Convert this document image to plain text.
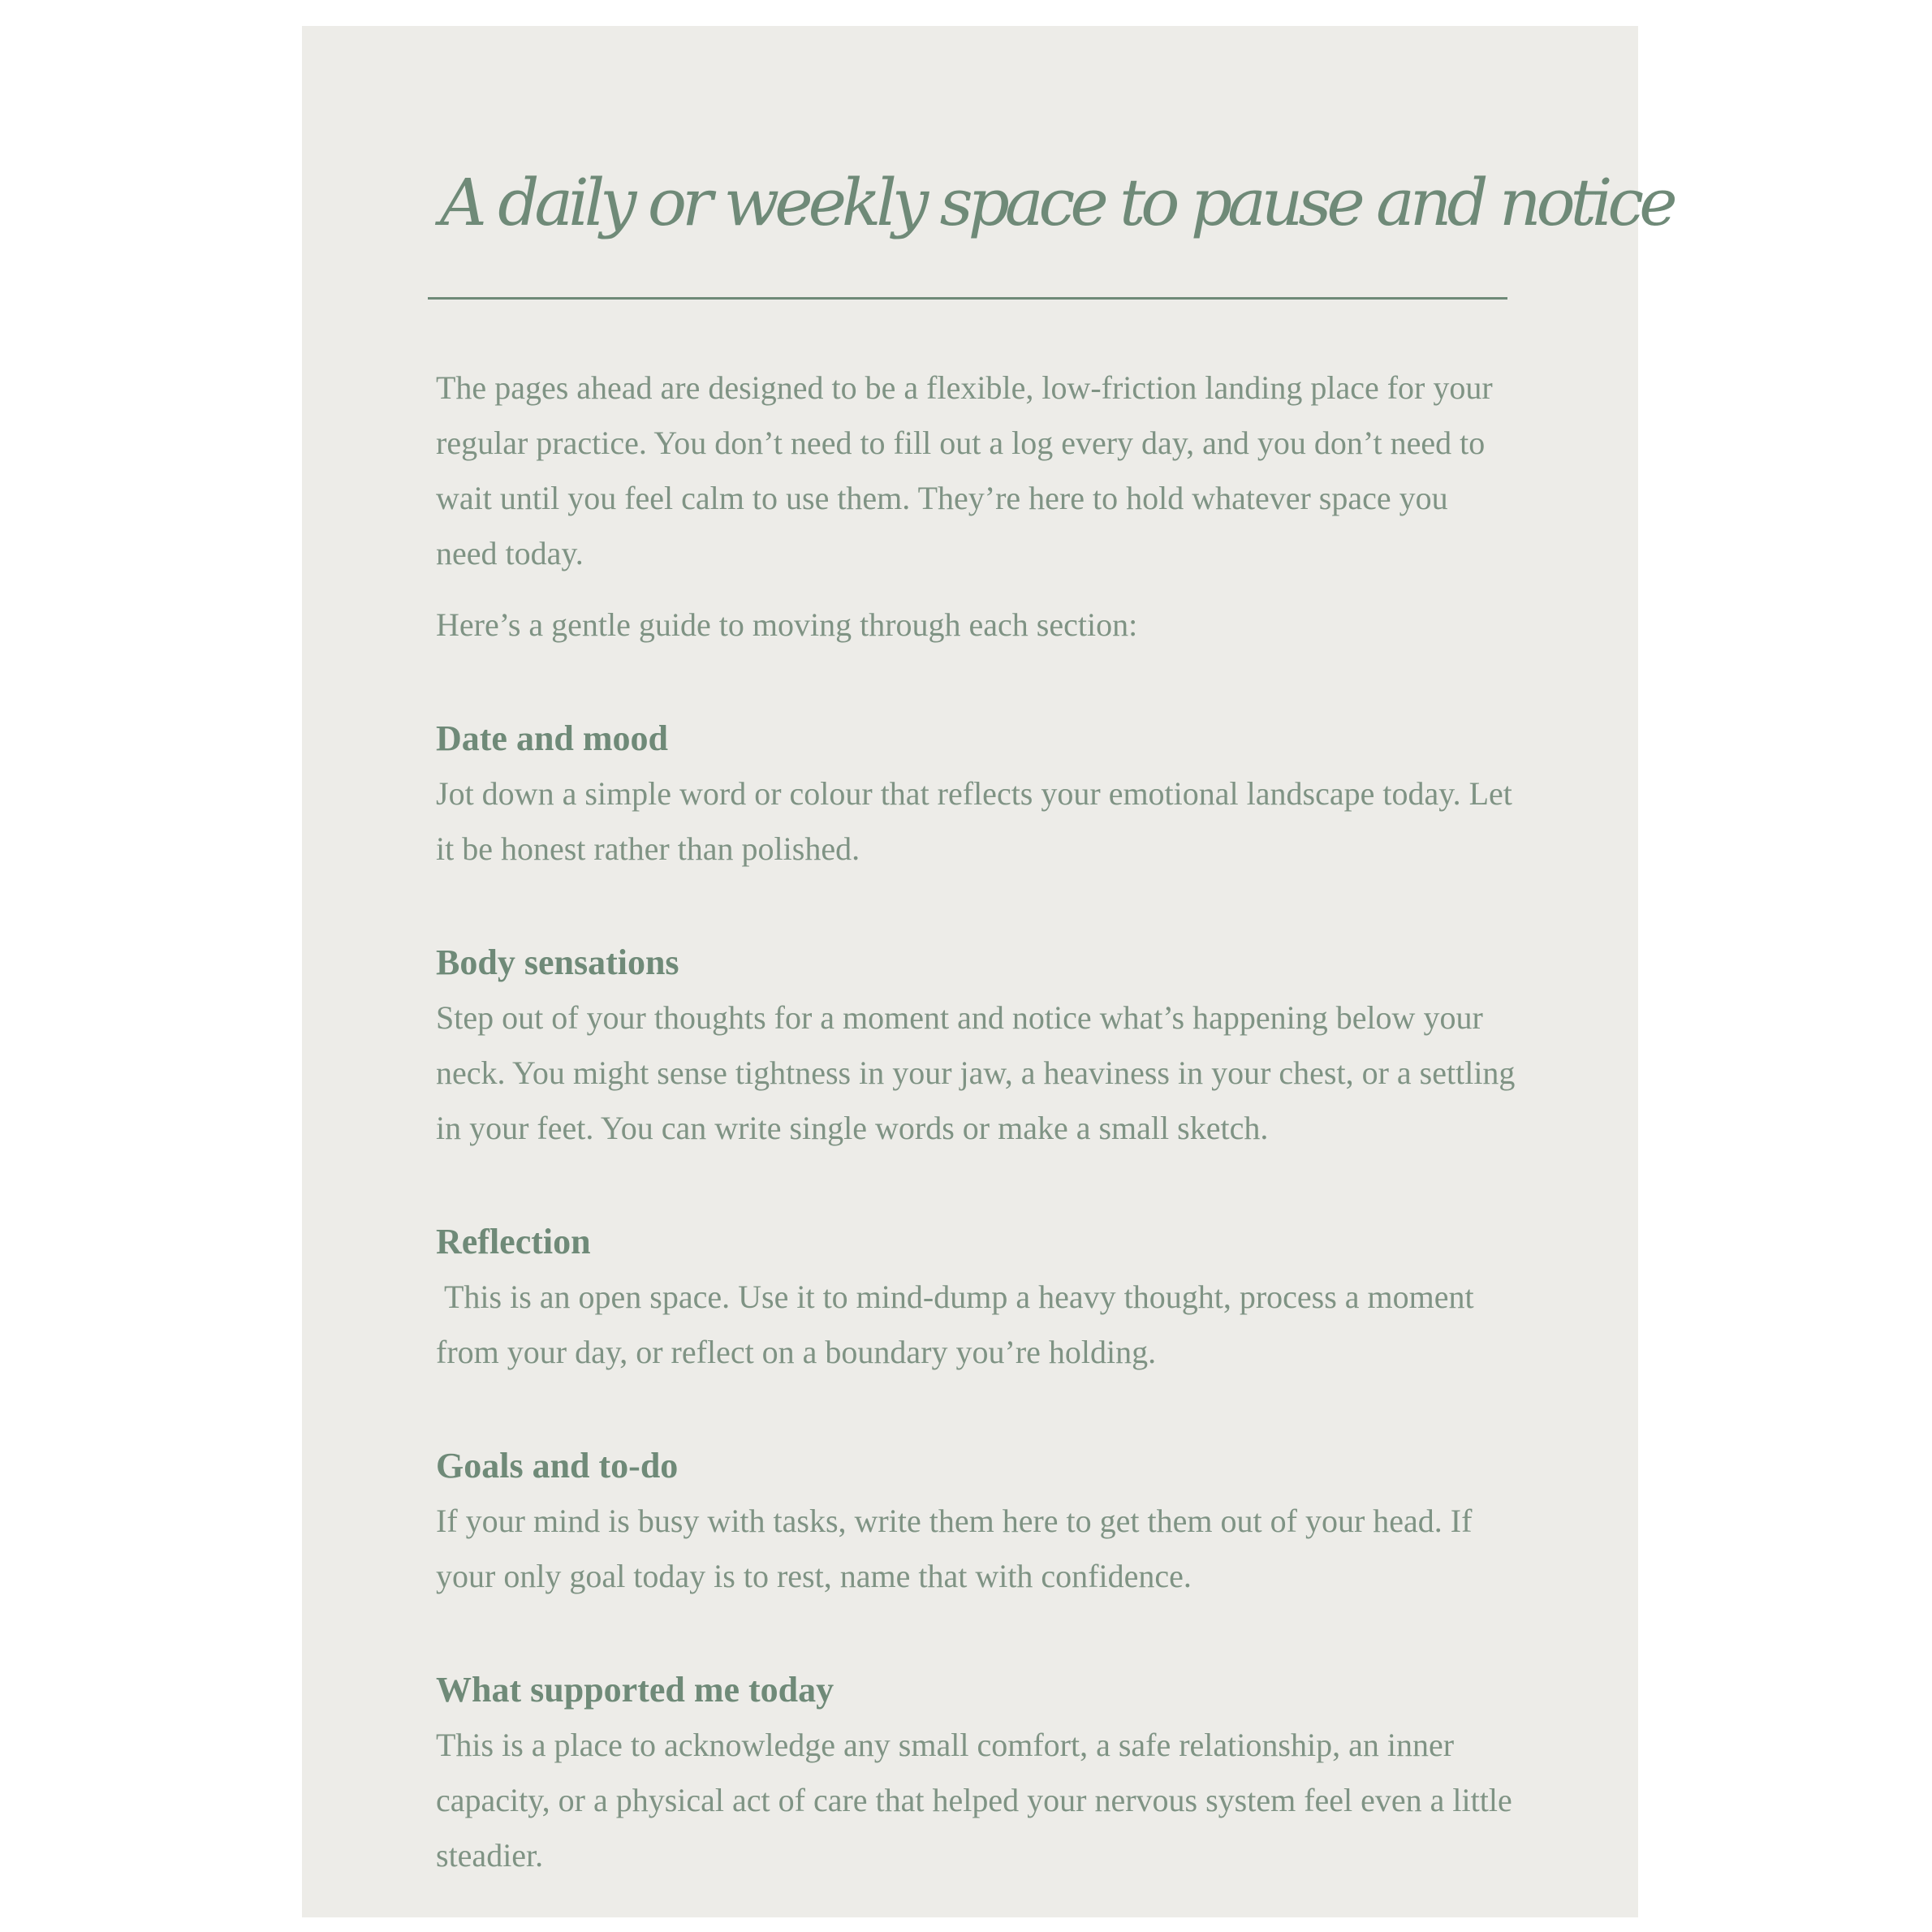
A daily or weekly space to pause and notice

The pages ahead are designed to be a flexible, low-friction landing place for your regular practice. You don’t need to fill out a log every day, and you don’t need to wait until you feel calm to use them. They’re here to hold whatever space you need today.

Here’s a gentle guide to moving through each section:

Date and mood

Jot down a simple word or colour that reflects your emotional landscape today. Let it be honest rather than polished.

Body sensations

Step out of your thoughts for a moment and notice what’s happening below your neck. You might sense tightness in your jaw, a heaviness in your chest, or a settling in your feet. You can write single words or make a small sketch.

Reflection

This is an open space. Use it to mind-dump a heavy thought, process a moment from your day, or reflect on a boundary you’re holding.

Goals and to-do

If your mind is busy with tasks, write them here to get them out of your head. If your only goal today is to rest, name that with confidence.

What supported me today

This is a place to acknowledge any small comfort, a safe relationship, an inner capacity, or a physical act of care that helped your nervous system feel even a little steadier.
